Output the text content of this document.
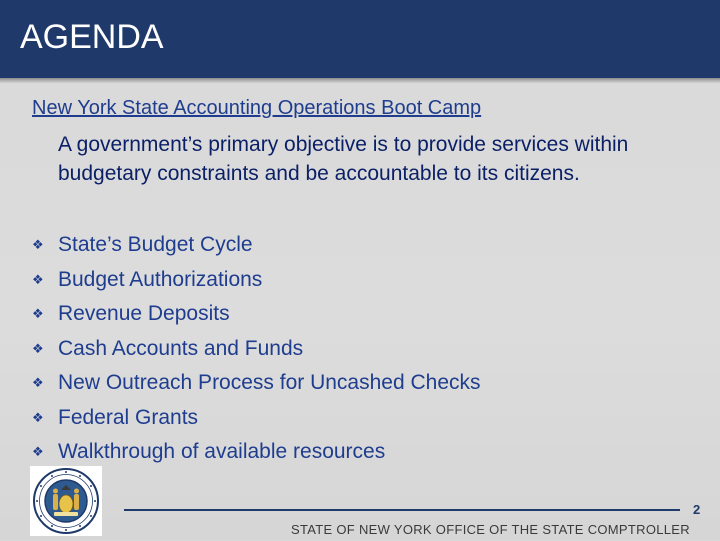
AGENDA
New York State Accounting Operations Boot Camp
A government’s primary objective is to provide services within budgetary constraints and be accountable to its citizens.
❖ State’s Budget Cycle
❖ Budget Authorizations
❖ Revenue Deposits
❖ Cash Accounts and Funds
❖ New Outreach Process for Uncashed Checks
❖ Federal Grants
❖ Walkthrough of available resources
2
STATE OF NEW YORK OFFICE OF THE STATE COMPTROLLER
